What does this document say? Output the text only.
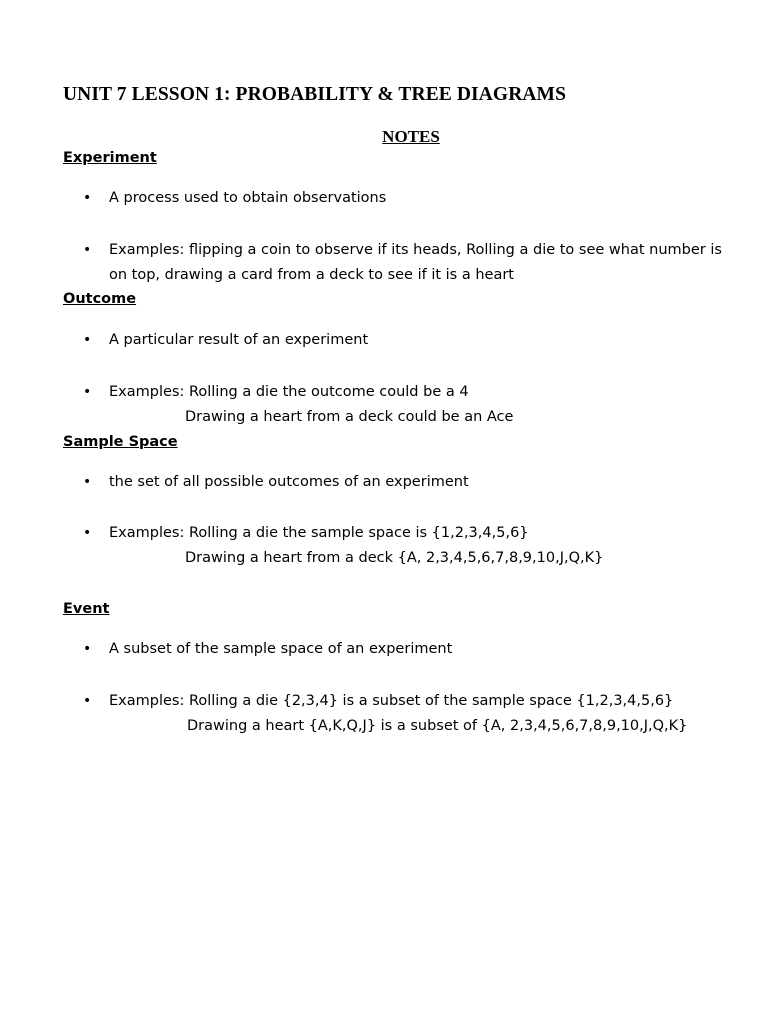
UNIT 7 LESSON 1: PROBABILITY & TREE DIAGRAMS
NOTES
Experiment
•	A process used to obtain observations
•	Examples: flipping a coin to observe if its heads, Rolling a die to see what number is
on top, drawing a card from a deck to see if it is a heart
Outcome
•	A particular result of an experiment
•	Examples: Rolling a die the outcome could be a 4
Drawing a heart from a deck could be an Ace
Sample Space
•	the set of all possible outcomes of an experiment
•	Examples: Rolling a die the sample space is {1,2,3,4,5,6}
Drawing a heart from a deck {A, 2,3,4,5,6,7,8,9,10,J,Q,K}
Event
•	A subset of the sample space of an experiment
•	Examples: Rolling a die {2,3,4} is a subset of the sample space {1,2,3,4,5,6}
Drawing a heart {A,K,Q,J} is a subset of {A, 2,3,4,5,6,7,8,9,10,J,Q,K}
